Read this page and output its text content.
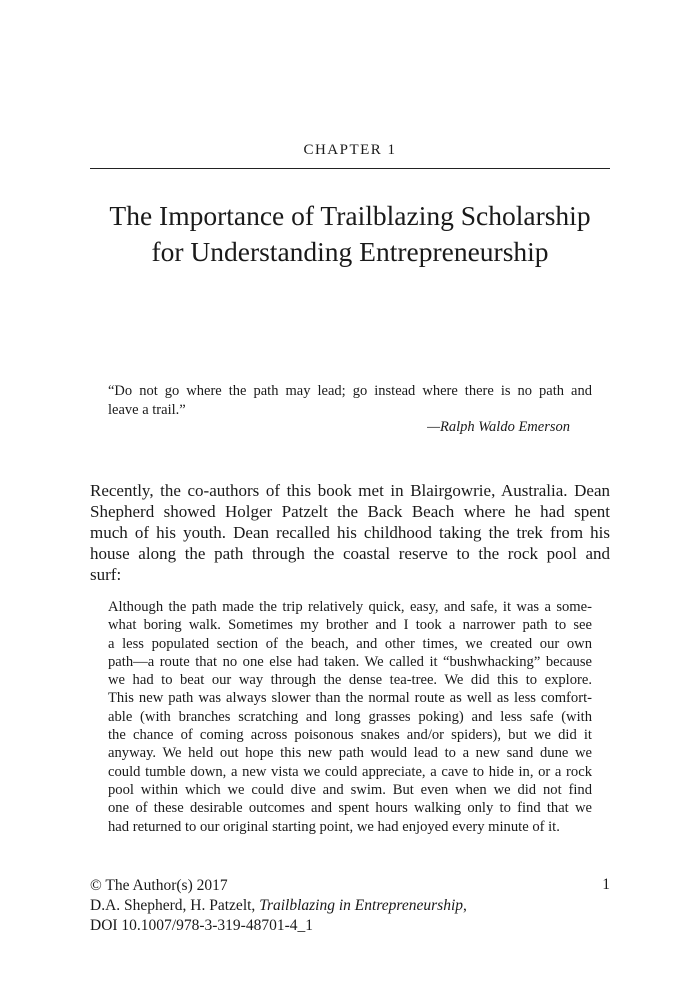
CHAPTER 1
The Importance of Trailblazing Scholarship
for Understanding Entrepreneurship
“Do not go where the path may lead; go instead where there is no path and
leave a trail.”
—Ralph Waldo Emerson
Recently, the co-authors of this book met in Blairgowrie, Australia. Dean
Shepherd showed Holger Patzelt the Back Beach where he had spent
much of his youth. Dean recalled his childhood taking the trek from his
house along the path through the coastal reserve to the rock pool and
surf:
Although the path made the trip relatively quick, easy, and safe, it was a some-
what boring walk. Sometimes my brother and I took a narrower path to see
a less populated section of the beach, and other times, we created our own
path—a route that no one else had taken. We called it “bushwhacking” because
we had to beat our way through the dense tea-tree. We did this to explore.
This new path was always slower than the normal route as well as less comfort-
able (with branches scratching and long grasses poking) and less safe (with
the chance of coming across poisonous snakes and/or spiders), but we did it
anyway. We held out hope this new path would lead to a new sand dune we
could tumble down, a new vista we could appreciate, a cave to hide in, or a rock
pool within which we could dive and swim. But even when we did not find
one of these desirable outcomes and spent hours walking only to find that we
had returned to our original starting point, we had enjoyed every minute of it.
© The Author(s) 2017
D.A. Shepherd, H. Patzelt, Trailblazing in Entrepreneurship,
DOI 10.1007/978-3-319-48701-4_1
1
